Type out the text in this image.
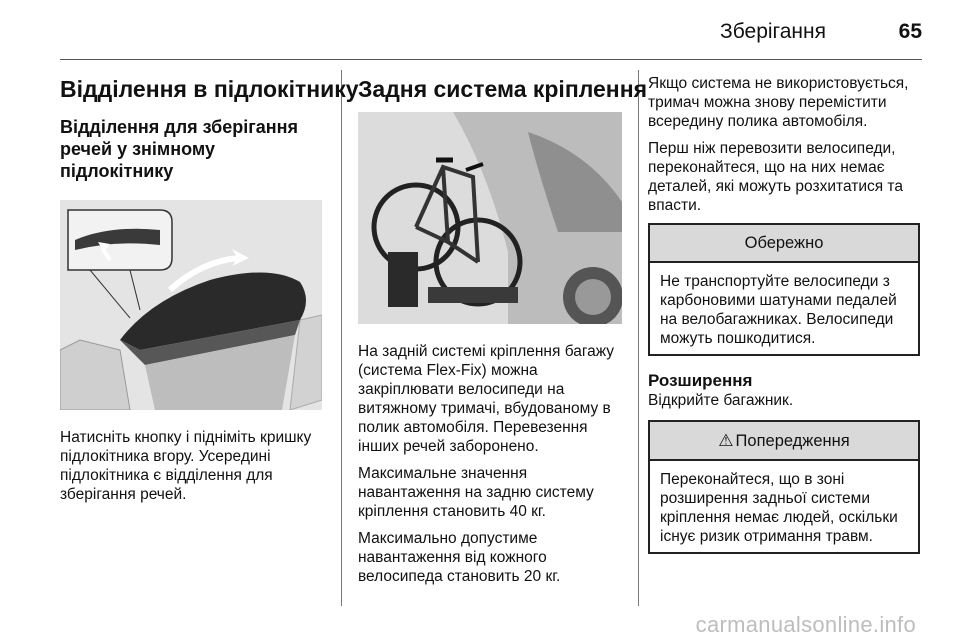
Зберігання	65
Відділення в підлокітнику
Відділення для зберігання речей у знімному підлокітнику

Натисніть кнопку і підніміть кришку підлокітника вгору. Усередині підлокітника є відділення для зберігання речей.

Задня система кріплення

На задній системі кріплення багажу (система Flex-Fix) можна закріплювати велосипеди на витяжному тримачі, вбудованому в полик автомобіля. Перевезення інших речей заборонено.

Максимальне значення навантаження на задню систему кріплення становить 40 кг.

Максимально допустиме навантаження від кожного велосипеда становить 20 кг.

Якщо система не використовується, тримач можна знову перемістити всередину полика автомобіля.

Перш ніж перевозити велосипеди, переконайтеся, що на них немає деталей, які можуть розхитатися та впасти.

Обережно
Не транспортуйте велосипеди з карбоновими шатунами педалей на велобагажниках. Велосипеди можуть пошкодитися.
Розширення

Відкрийте багажник.

⚠ Попередження
Переконайтеся, що в зоні розширення задньої системи кріплення немає людей, оскільки існує ризик отримання травм.
carmanualsonline.info
